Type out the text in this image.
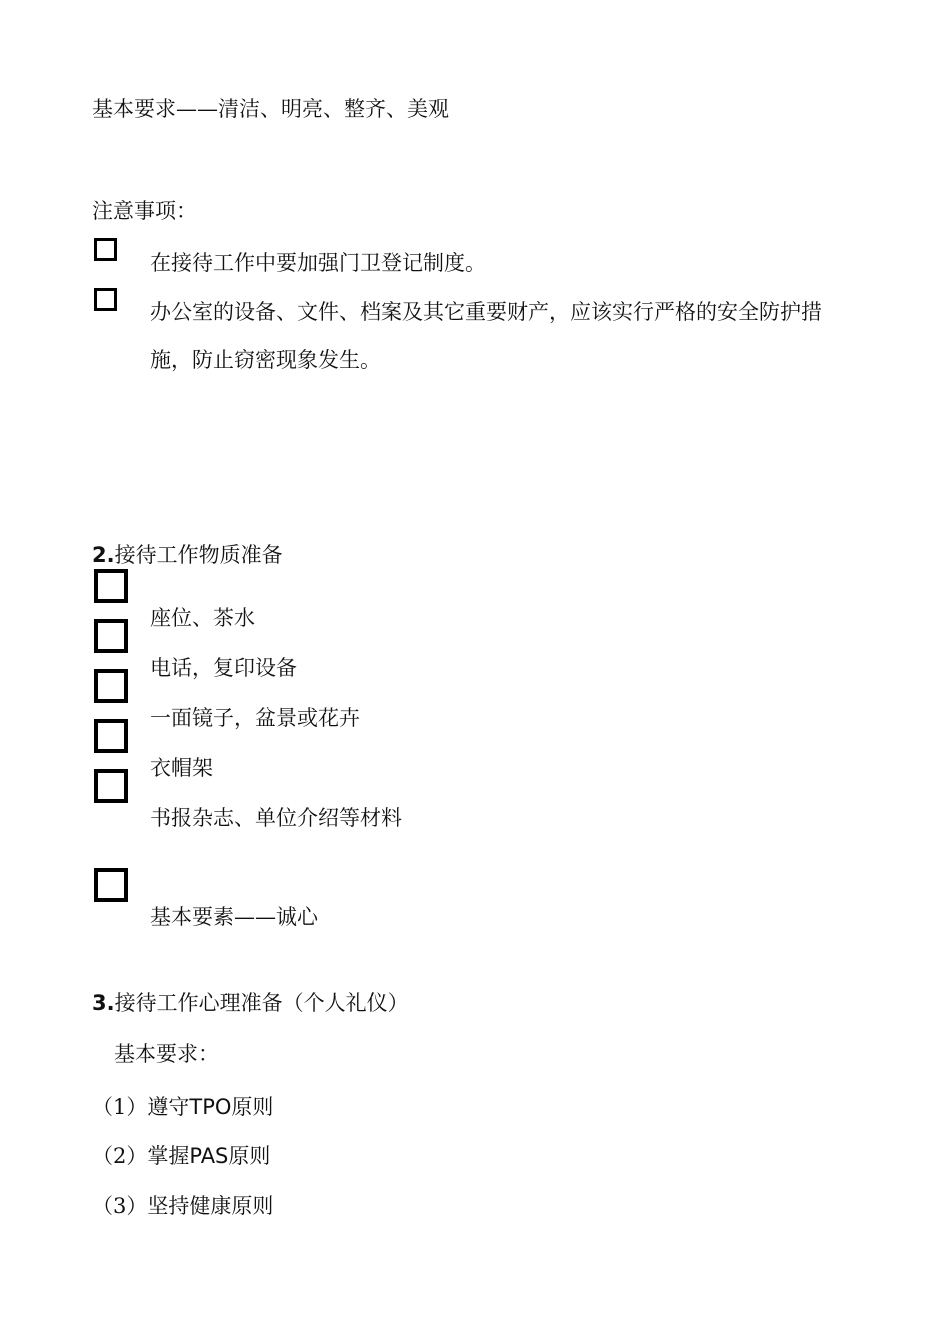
基本要求——清洁、明亮、整齐、美观
注意事项：
在接待工作中要加强门卫登记制度。
办公室的设备、文件、档案及其它重要财产，应该实行严格的安全防护措
施，防止窃密现象发生。
2.接待工作物质准备
座位、茶水
电话，复印设备
一面镜子，盆景或花卉
衣帽架
书报杂志、单位介绍等材料
基本要素——诚心
3.接待工作心理准备（个人礼仪）
基本要求：
（1）遵守TPO原则
（2）掌握PAS原则
（3）坚持健康原则
